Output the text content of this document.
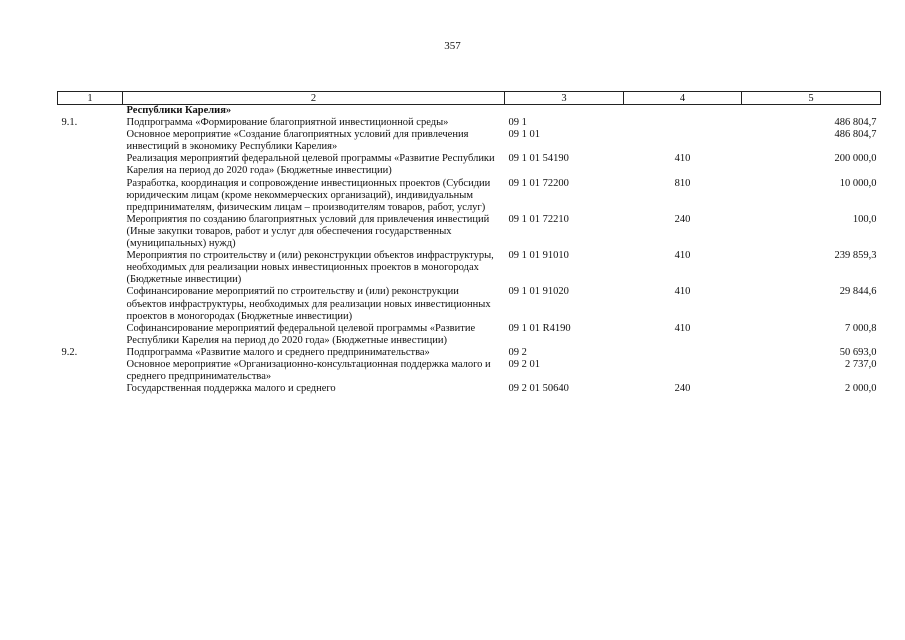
357
1	2	3	4	5

	Республики Карелия»			

9.1.	Подпрограмма «Формирование благоприятной инвестиционной среды»	09 1		486 804,7

	Основное мероприятие «Создание благоприятных условий для привлечения инвестиций в экономику Республики Карелия»	09 1 01		486 804,7

	Реализация мероприятий федеральной целевой программы «Развитие Республики Карелия на период до 2020 года» (Бюджетные инвестиции)	09 1 01 54190	410	200 000,0

	Разработка, координация и сопровождение инвестиционных проектов (Субсидии юридическим лицам (кроме некоммерческих организаций), индивидуальным предпринимателям, физическим лицам – производителям товаров, работ, услуг)	09 1 01 72200	810	10 000,0

	Мероприятия по созданию благоприятных условий для привлечения инвестиций (Иные закупки товаров, работ и услуг для обеспечения государственных (муниципальных) нужд)	09 1 01 72210	240	100,0

	Мероприятия по строительству и (или) реконструкции объектов инфраструктуры, необходимых для реализации новых инвестиционных проектов в моногородах (Бюджетные инвестиции)	09 1 01 91010	410	239 859,3

	Софинансирование мероприятий по строительству и (или) реконструкции объектов инфраструктуры, необходимых для реализации новых инвестиционных проектов в моногородах (Бюджетные инвестиции)	09 1 01 91020	410	29 844,6

	Софинансирование мероприятий федеральной целевой программы «Развитие Республики Карелия на период до 2020 года» (Бюджетные инвестиции)	09 1 01 R4190	410	7 000,8
9.2.	Подпрограмма «Развитие малого и среднего предпринимательства»	09 2		50 693,0

	Основное мероприятие «Организационно-консультационная поддержка малого и среднего предпринимательства»	09 2 01		2 737,0

	Государственная поддержка малого и среднего	09 2 01 50640	240	2 000,0
